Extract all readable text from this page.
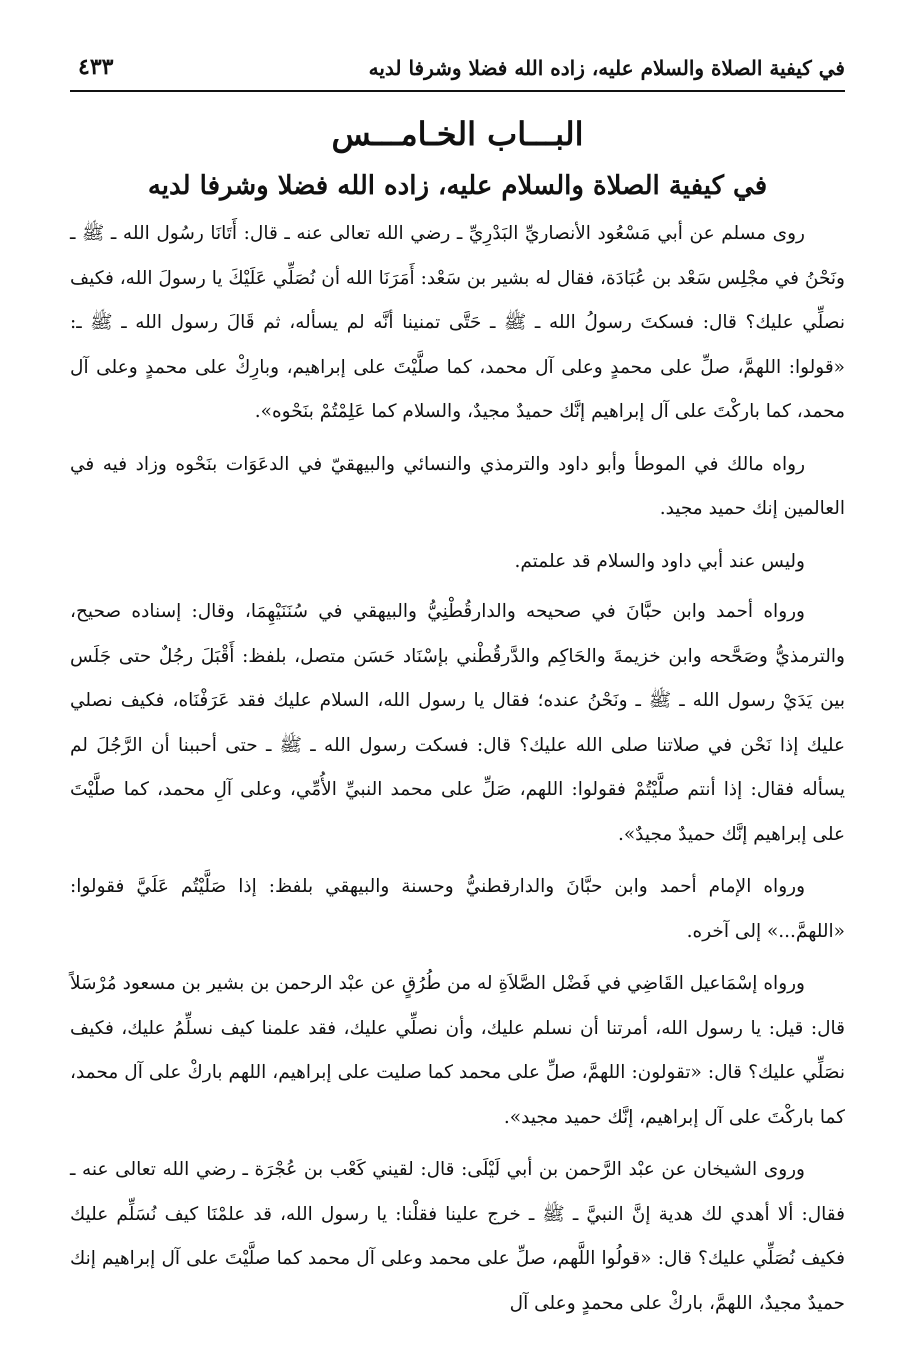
في كيفية الصلاة والسلام عليه، زاده الله فضلا وشرفا لديه
٤٣٣
البـــاب الخـامـــس
في كيفية الصلاة والسلام عليه، زاده الله فضلا وشرفا لديه

روى مسلم عن أبي مَسْعُود الأنصاريِّ البَدْرِيِّ ـ رضي الله تعالى عنه ـ قال: أَتَانَا رسُول الله ـ ﷺ ـ ونَحْنُ في مجْلِس سَعْد بن عُبَادَة، فقال له بشير بن سَعْد: أَمَرَنَا الله أن نُصَلِّي عَلَيْكَ يا رسولَ الله، فكيف نصلِّي عليك؟ قال: فسكتَ رسولُ الله ـ ﷺ ـ حَتَّى تمنينا أنَّه لم يسأله، ثم قَالَ رسول الله ـ ﷺ ـ: «قولوا: اللهمَّ، صلِّ على محمدٍ وعلى آل محمد، كما صلَّيْتَ على إبراهيم، وبارِكْ على محمدٍ وعلى آل محمد، كما باركْتَ على آل إبراهيم إنَّك حميدٌ مجيدٌ، والسلام كما عَلِمْتُمْ بنَحْوه».

رواه مالك في الموطأ وأبو داود والترمذي والنسائي والبيهقيّ في الدعَوَات بنَحْوه وزاد فيه في العالمين إنك حميد مجيد.

وليس عند أبي داود والسلام قد علمتم.

ورواه أحمد وابن حبَّانَ في صحيحه والدارقُطْنِيُّ والبيهقي في سُنَنَيْهِمَا، وقال: إسناده صحيح، والترمذيُّ وصَحَّحه وابن خزيمةَ والحَاكِم والدَّرقُطْني بإسْنَاد حَسَن متصل، بلفظ: أَقْبَلَ رجُلٌ حتى جَلَس بين يَدَيْ رسول الله ـ ﷺ ـ ونَحْنُ عنده؛ فقال يا رسول الله، السلام عليك فقد عَرَفْنَاه، فكيف نصلي عليك إذا نَحْن في صلاتنا صلى الله عليك؟ قال: فسكت رسول الله ـ ﷺ ـ حتى أحببنا أن الرَّجُلَ لم يسأله فقال: إذا أنتم صلَّيْتُمْ فقولوا: اللهم، صَلِّ على محمد النبيِّ الأُمِّي، وعلى آلِ محمد، كما صلَّيْتَ على إبراهيم إنَّك حميدٌ مجيدٌ».

ورواه الإمام أحمد وابن حبَّانَ والدارقطنيُّ وحسنة والبيهقي بلفظ: إذا صَلَّيْتُم عَلَيَّ فقولوا: «اللهمَّ...» إلى آخره.

ورواه إسْمَاعيل القَاضِي في فَضْل الصَّلاَةِ له من طُرُقٍ عن عبْد الرحمن بن بشير بن مسعود مُرْسَلاً قال: قيل: يا رسول الله، أمرتنا أن نسلم عليك، وأن نصلِّي عليك، فقد علمنا كيف نسلِّمُ عليك، فكيف نصَلِّي عليك؟ قال: «تقولون: اللهمَّ، صلِّ على محمد كما صليت على إبراهيم، اللهم باركْ على آل محمد، كما باركْتَ على آل إبراهيم، إنَّك حميد مجيد».

وروى الشيخان عن عبْد الرَّحمن بن أبي لَيْلَى: قال: لقيني كَعْب بن عُجْرَة ـ رضي الله تعالى عنه ـ فقال: ألا أهدي لك هدية إنَّ النبيَّ ـ ﷺ ـ خرج علينا فقلْنا: يا رسول الله، قد علمْنَا كيف نُسَلِّم عليك فكيف نُصَلِّي عليك؟ قال: «قولُوا اللَّهم، صلِّ على محمد وعلى آل محمد كما صلَّيْتَ على آل إبراهيم إنك حميدٌ مجيدٌ، اللهمَّ، باركْ على محمدٍ وعلى آل
